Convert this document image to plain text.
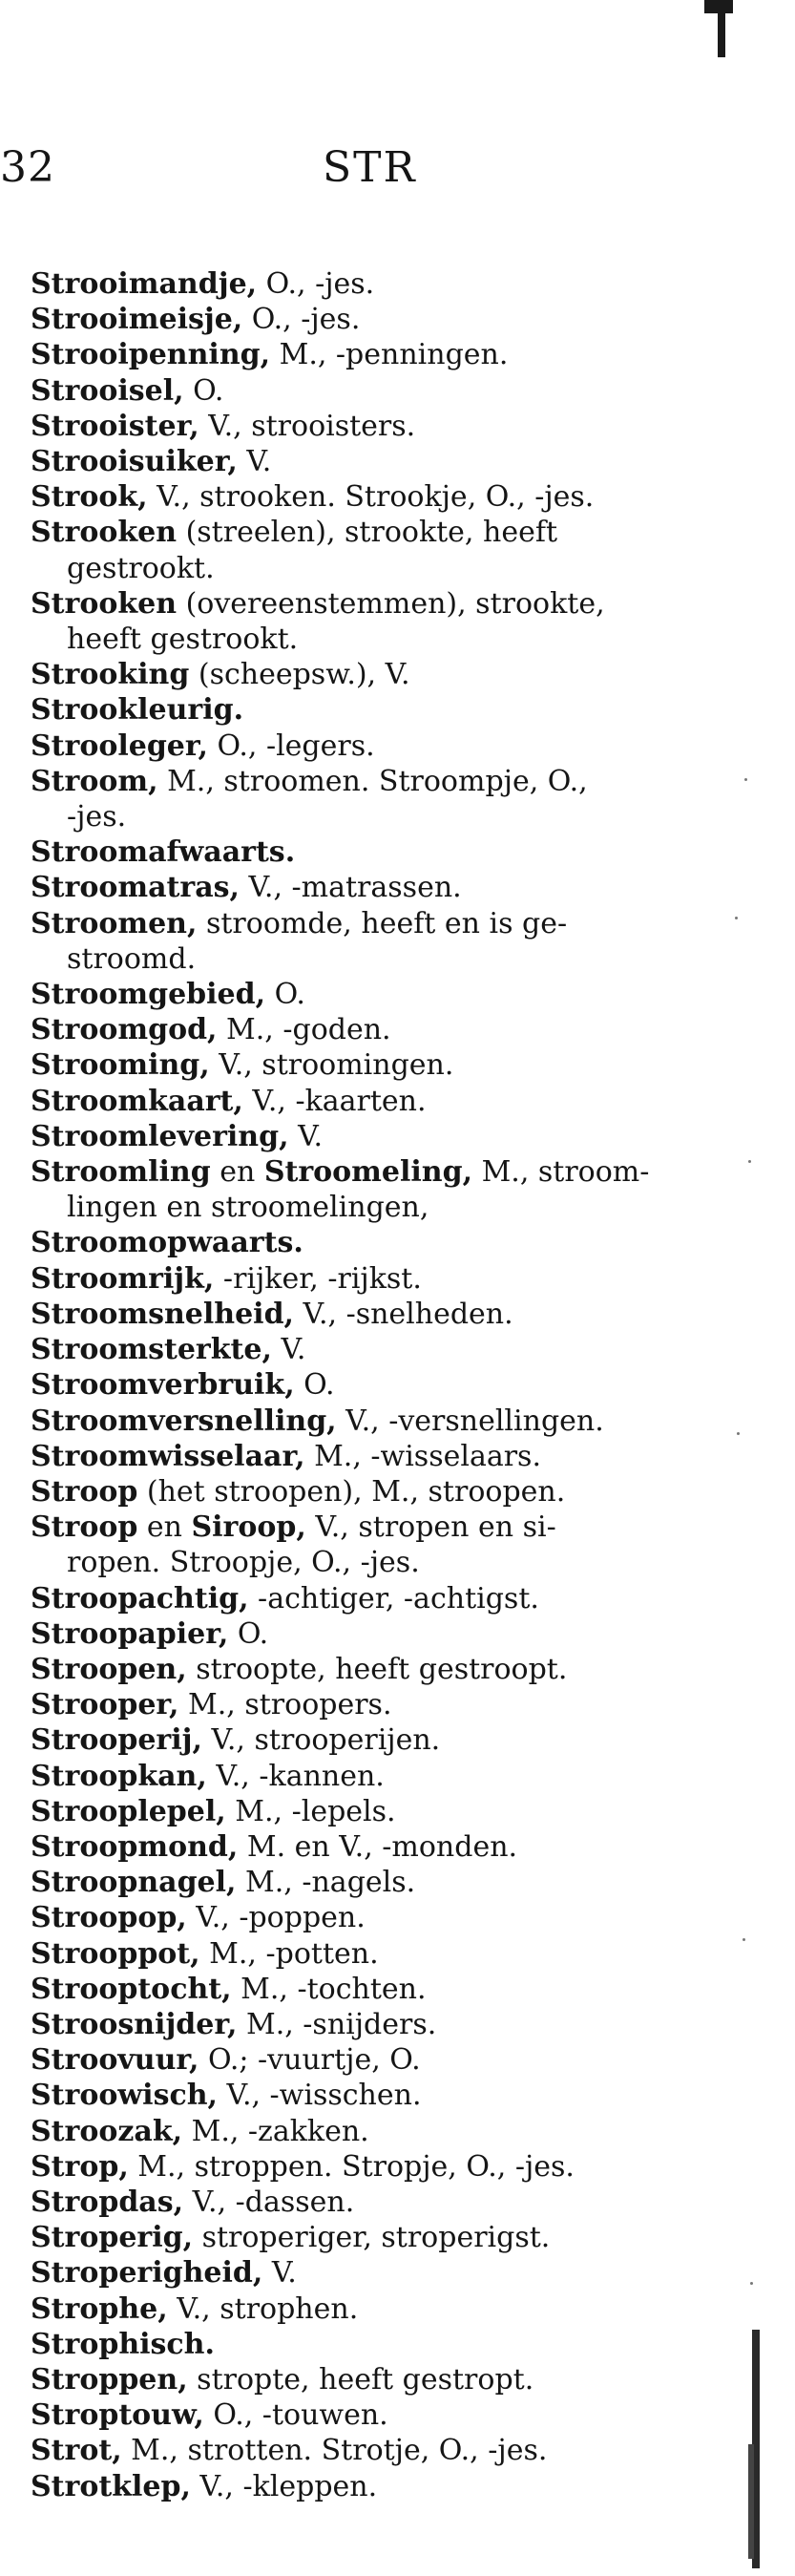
32	STR
Strooimandje, O., -jes.
Strooimeisje, O., -jes.
Strooipenning, M., -penningen.
Strooisel, O.
Strooister, V., strooisters.
Strooisuiker, V.
Strook, V., strooken. Strookje, O., -jes.
Strooken (streelen), strookte, heeft
gestrookt.
Strooken (overeenstemmen), strookte,
heeft gestrookt.
Strooking (scheepsw.), V.
Strookleurig.
Strooleger, O., -legers.
Stroom, M., stroomen. Stroompje, O.,
-jes.
Stroomafwaarts.
Stroomatras, V., -matrassen.
Stroomen, stroomde, heeft en is ge-
stroomd.
Stroomgebied, O.
Stroomgod, M., -goden.
Strooming, V., stroomingen.
Stroomkaart, V., -kaarten.
Stroomlevering, V.
Stroomling en Stroomeling, M., stroom-
lingen en stroomelingen,
Stroomopwaarts.
Stroomrijk, -rijker, -rijkst.
Stroomsnelheid, V., -snelheden.
Stroomsterkte, V.
Stroomverbruik, O.
Stroomversnelling, V., -versnellingen.
Stroomwisselaar, M., -wisselaars.
Stroop (het stroopen), M., stroopen.
Stroop en Siroop, V., stropen en si-
ropen. Stroopje, O., -jes.
Stroopachtig, -achtiger, -achtigst.
Stroopapier, O.
Stroopen, stroopte, heeft gestroopt.
Strooper, M., stroopers.
Strooperij, V., strooperijen.
Stroopkan, V., -kannen.
Strooplepel, M., -lepels.
Stroopmond, M. en V., -monden.
Stroopnagel, M., -nagels.
Stroopop, V., -poppen.
Strooppot, M., -potten.
Strooptocht, M., -tochten.
Stroosnijder, M., -snijders.
Stroovuur, O.; -vuurtje, O.
Stroowisch, V., -wisschen.
Stroozak, M., -zakken.
Strop, M., stroppen. Stropje, O., -jes.
Stropdas, V., -dassen.
Stroperig, stroperiger, stroperigst.
Stroperigheid, V.
Strophe, V., strophen.
Strophisch.
Stroppen, stropte, heeft gestropt.
Stroptouw, O., -touwen.
Strot, M., strotten. Strotje, O., -jes.
Strotklep, V., -kleppen.
